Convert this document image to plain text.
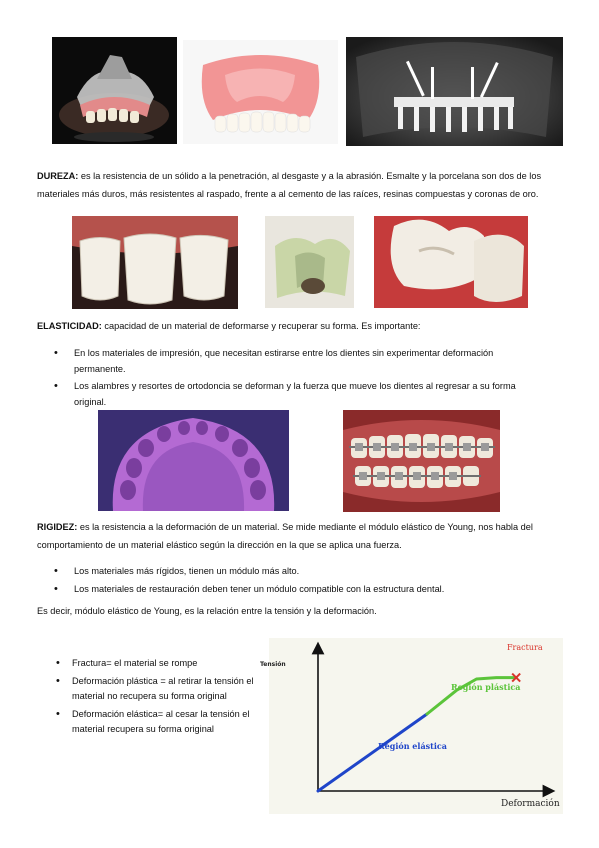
DUREZA: es la resistencia de un sólido a la penetración, al desgaste y a la abrasión. Esmalte y la porcelana son dos de los materiales más duros, más resistentes al raspado, frente a al cemento de las raíces, resinas compuestas y coronas de oro.
ELASTICIDAD: capacidad de un material de deformarse y recuperar su forma. Es importante:
• En los materiales de impresión, que necesitan estirarse entre los dientes sin experimentar deformación permanente.
• Los alambres y resortes de ortodoncia se deforman y la fuerza que mueve los dientes al regresar a su forma original.
RIGIDEZ: es la resistencia a la deformación de un material. Se mide mediante el módulo elástico de Young, nos habla del comportamiento de un material elástico según la dirección en la que se aplica una fuerza.
• Los materiales más rígidos, tienen un módulo más alto.
• Los materiales de restauración deben tener un módulo compatible con la estructura dental.
Es decir, módulo elástico de Young, es la relación entre la tensión y la deformación.
• Fractura= el material se rompe
• Deformación plástica = al retirar la tensión el material no recupera su forma original
• Deformación elástica= al cesar la tensión el material recupera su forma original
Tensión
Deformación
Región elástica
Región plástica
Fractura
